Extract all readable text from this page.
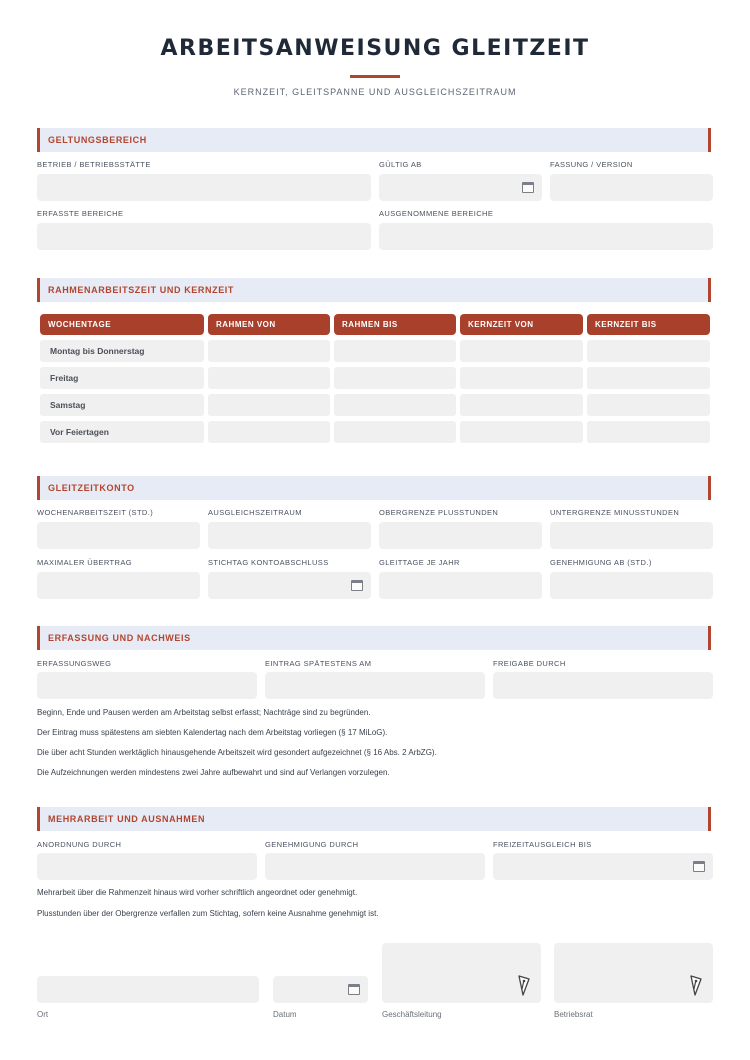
ARBEITSANWEISUNG GLEITZEIT
KERNZEIT, GLEITSPANNE UND AUSGLEICHSZEITRAUM
GELTUNGSBEREICH
BETRIEB / BETRIEBSSTÄTTE	GÜLTIG AB	FASSUNG / VERSION
ERFASSTE BEREICHE	AUSGENOMMENE BEREICHE
RAHMENARBEITSZEIT UND KERNZEIT
WOCHENTAGE	RAHMEN VON	RAHMEN BIS	KERNZEIT VON	KERNZEIT BIS
Montag bis Donnerstag
Freitag
Samstag
Vor Feiertagen
GLEITZEITKONTO
WOCHENARBEITSZEIT (STD.)	AUSGLEICHSZEITRAUM	OBERGRENZE PLUSSTUNDEN	UNTERGRENZE MINUSSTUNDEN
MAXIMALER ÜBERTRAG	STICHTAG KONTOABSCHLUSS	GLEITTAGE JE JAHR	GENEHMIGUNG AB (STD.)
ERFASSUNG UND NACHWEIS
ERFASSUNGSWEG	EINTRAG SPÄTESTENS AM	FREIGABE DURCH
Beginn, Ende und Pausen werden am Arbeitstag selbst erfasst; Nachträge sind zu begründen.
Der Eintrag muss spätestens am siebten Kalendertag nach dem Arbeitstag vorliegen (§ 17 MiLoG).
Die über acht Stunden werktäglich hinausgehende Arbeitszeit wird gesondert aufgezeichnet (§ 16 Abs. 2 ArbZG).
Die Aufzeichnungen werden mindestens zwei Jahre aufbewahrt und sind auf Verlangen vorzulegen.
MEHRARBEIT UND AUSNAHMEN
ANORDNUNG DURCH	GENEHMIGUNG DURCH	FREIZEITAUSGLEICH BIS
Mehrarbeit über die Rahmenzeit hinaus wird vorher schriftlich angeordnet oder genehmigt.
Plusstunden über der Obergrenze verfallen zum Stichtag, sofern keine Ausnahme genehmigt ist.
Ort	Datum	Geschäftsleitung	Betriebsrat
